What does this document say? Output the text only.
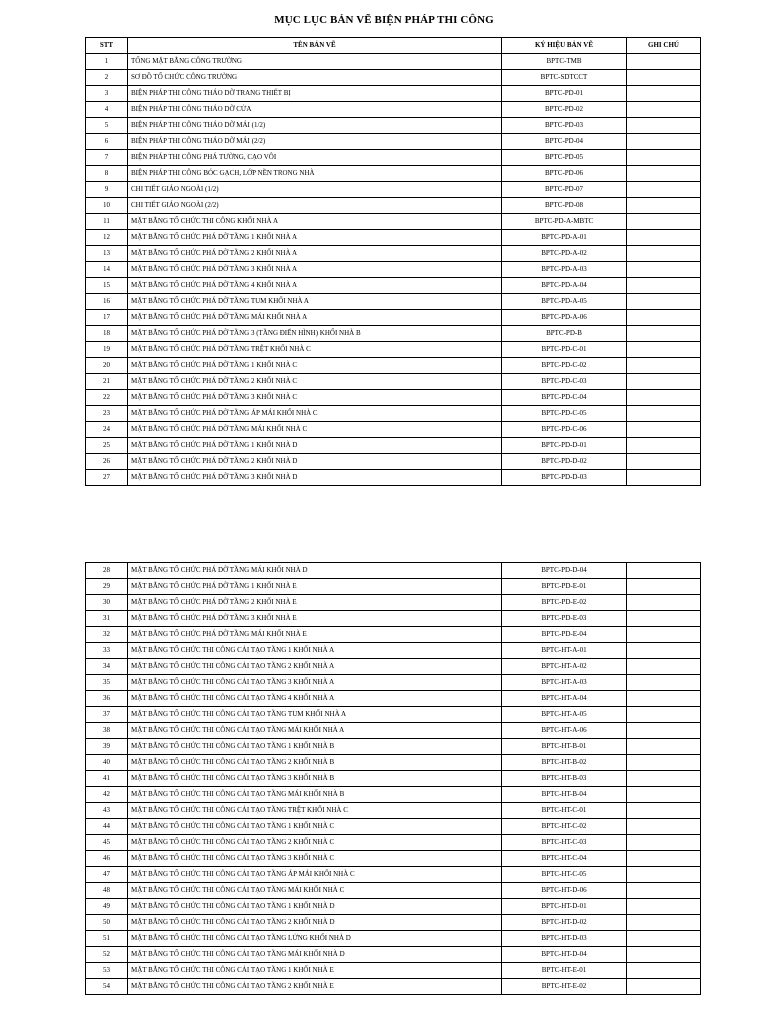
MỤC LỤC BẢN VẼ BIỆN PHÁP THI CÔNG
STT	TÊN BẢN VẼ	KÝ HIỆU BẢN VẼ	GHI CHÚ
1	TỔNG MẶT BẰNG CÔNG TRƯỜNG	BPTC-TMB	
2	SƠ ĐỒ TỔ CHỨC CÔNG TRƯỜNG	BPTC-SDTCCT	
3	BIỆN PHÁP THI CÔNG THÁO DỠ TRANG THIẾT BỊ	BPTC-PD-01	
4	BIỆN PHÁP THI CÔNG THÁO DỠ CỬA	BPTC-PD-02	
5	BIỆN PHÁP THI CÔNG THÁO DỠ MÁI (1/2)	BPTC-PD-03	
6	BIỆN PHÁP THI CÔNG THÁO DỠ MÁI (2/2)	BPTC-PD-04	
7	BIỆN PHÁP THI CÔNG PHÁ TƯỜNG, CẠO VÔI	BPTC-PD-05	
8	BIỆN PHÁP THI CÔNG BÓC GẠCH, LỚP NỀN TRONG NHÀ	BPTC-PD-06	
9	CHI TIẾT GIÁO NGOÀI (1/2)	BPTC-PD-07	
10	CHI TIẾT GIÁO NGOÀI (2/2)	BPTC-PD-08	
11	MẶT BẰNG TỔ CHỨC THI CÔNG KHỐI NHÀ A	BPTC-PD-A-MBTC	
12	MẶT BẰNG TỔ CHỨC PHÁ DỠ TẦNG 1 KHỐI NHÀ A	BPTC-PD-A-01	
13	MẶT BẰNG TỔ CHỨC PHÁ DỠ TẦNG 2 KHỐI NHÀ A	BPTC-PD-A-02	
14	MẶT BẰNG TỔ CHỨC PHÁ DỠ TẦNG 3 KHỐI NHÀ A	BPTC-PD-A-03	
15	MẶT BẰNG TỔ CHỨC PHÁ DỠ TẦNG 4 KHỐI NHÀ A	BPTC-PD-A-04	
16	MẶT BẰNG TỔ CHỨC PHÁ DỠ TẦNG TUM KHỐI NHÀ A	BPTC-PD-A-05	
17	MẶT BẰNG TỔ CHỨC PHÁ DỠ TẦNG MÁI KHỐI NHÀ A	BPTC-PD-A-06	
18	MẶT BẰNG TỔ CHỨC PHÁ DỠ TẦNG 3 (TẦNG ĐIỂN HÌNH) KHỐI NHÀ B	BPTC-PD-B	
19	MẶT BẰNG TỔ CHỨC PHÁ DỠ TẦNG TRỆT KHỐI NHÀ C	BPTC-PD-C-01	
20	MẶT BẰNG TỔ CHỨC PHÁ DỠ TẦNG 1 KHỐI NHÀ C	BPTC-PD-C-02	
21	MẶT BẰNG TỔ CHỨC PHÁ DỠ TẦNG 2 KHỐI NHÀ C	BPTC-PD-C-03	
22	MẶT BẰNG TỔ CHỨC PHÁ DỠ TẦNG 3 KHỐI NHÀ C	BPTC-PD-C-04	
23	MẶT BẰNG TỔ CHỨC PHÁ DỠ TẦNG ÁP MÁI KHỐI NHÀ C	BPTC-PD-C-05	
24	MẶT BẰNG TỔ CHỨC PHÁ DỠ TẦNG MÁI KHỐI NHÀ C	BPTC-PD-C-06	
25	MẶT BẰNG TỔ CHỨC PHÁ DỠ TẦNG 1 KHỐI NHÀ D	BPTC-PD-D-01	
26	MẶT BẰNG TỔ CHỨC PHÁ DỠ TẦNG 2 KHỐI NHÀ D	BPTC-PD-D-02	
27	MẶT BẰNG TỔ CHỨC PHÁ DỠ TẦNG 3 KHỐI NHÀ D	BPTC-PD-D-03	
28	MẶT BẰNG TỔ CHỨC PHÁ DỠ TẦNG MÁI KHỐI NHÀ D	BPTC-PD-D-04	
29	MẶT BẰNG TỔ CHỨC PHÁ DỠ TẦNG 1 KHỐI NHÀ E	BPTC-PD-E-01	
30	MẶT BẰNG TỔ CHỨC PHÁ DỠ TẦNG 2 KHỐI NHÀ E	BPTC-PD-E-02	
31	MẶT BẰNG TỔ CHỨC PHÁ DỠ TẦNG 3 KHỐI NHÀ E	BPTC-PD-E-03	
32	MẶT BẰNG TỔ CHỨC PHÁ DỠ TẦNG MÁI KHỐI NHÀ E	BPTC-PD-E-04	
33	MẶT BẰNG TỔ CHỨC THI CÔNG CẢI TẠO TẦNG 1 KHỐI NHÀ A	BPTC-HT-A-01	
34	MẶT BẰNG TỔ CHỨC THI CÔNG CẢI TẠO TẦNG 2 KHỐI NHÀ A	BPTC-HT-A-02	
35	MẶT BẰNG TỔ CHỨC THI CÔNG CẢI TẠO TẦNG 3 KHỐI NHÀ A	BPTC-HT-A-03	
36	MẶT BẰNG TỔ CHỨC THI CÔNG CẢI TẠO TẦNG 4 KHỐI NHÀ A	BPTC-HT-A-04	
37	MẶT BẰNG TỔ CHỨC THI CÔNG CẢI TẠO TẦNG TUM KHỐI NHÀ A	BPTC-HT-A-05	
38	MẶT BẰNG TỔ CHỨC THI CÔNG CẢI TẠO TẦNG MÁI KHỐI NHÀ A	BPTC-HT-A-06	
39	MẶT BẰNG TỔ CHỨC THI CÔNG CẢI TẠO TẦNG 1 KHỐI NHÀ B	BPTC-HT-B-01	
40	MẶT BẰNG TỔ CHỨC THI CÔNG CẢI TẠO TẦNG 2 KHỐI NHÀ B	BPTC-HT-B-02	
41	MẶT BẰNG TỔ CHỨC THI CÔNG CẢI TẠO TẦNG 3 KHỐI NHÀ B	BPTC-HT-B-03	
42	MẶT BẰNG TỔ CHỨC THI CÔNG CẢI TẠO TẦNG MÁI KHỐI NHÀ B	BPTC-HT-B-04	
43	MẶT BẰNG TỔ CHỨC THI CÔNG CẢI TẠO TẦNG TRỆT KHỐI NHÀ C	BPTC-HT-C-01	
44	MẶT BẰNG TỔ CHỨC THI CÔNG CẢI TẠO TẦNG 1 KHỐI NHÀ C	BPTC-HT-C-02	
45	MẶT BẰNG TỔ CHỨC THI CÔNG CẢI TẠO TẦNG 2 KHỐI NHÀ C	BPTC-HT-C-03	
46	MẶT BẰNG TỔ CHỨC THI CÔNG CẢI TẠO TẦNG 3 KHỐI NHÀ C	BPTC-HT-C-04	
47	MẶT BẰNG TỔ CHỨC THI CÔNG CẢI TẠO TẦNG ÁP MÁI KHỐI NHÀ C	BPTC-HT-C-05	
48	MẶT BẰNG TỔ CHỨC THI CÔNG CẢI TẠO TẦNG MÁI KHỐI NHÀ C	BPTC-HT-D-06	
49	MẶT BẰNG TỔ CHỨC THI CÔNG CẢI TẠO TẦNG 1 KHỐI NHÀ D	BPTC-HT-D-01	
50	MẶT BẰNG TỔ CHỨC THI CÔNG CẢI TẠO TẦNG 2 KHỐI NHÀ D	BPTC-HT-D-02	
51	MẶT BẰNG TỔ CHỨC THI CÔNG CẢI TẠO TẦNG LỬNG KHỐI NHÀ D	BPTC-HT-D-03	
52	MẶT BẰNG TỔ CHỨC THI CÔNG CẢI TẠO TẦNG MÁI KHỐI NHÀ D	BPTC-HT-D-04	
53	MẶT BẰNG TỔ CHỨC THI CÔNG CẢI TẠO TẦNG 1 KHỐI NHÀ E	BPTC-HT-E-01	
54	MẶT BẰNG TỔ CHỨC THI CÔNG CẢI TẠO TẦNG 2 KHỐI NHÀ E	BPTC-HT-E-02	
